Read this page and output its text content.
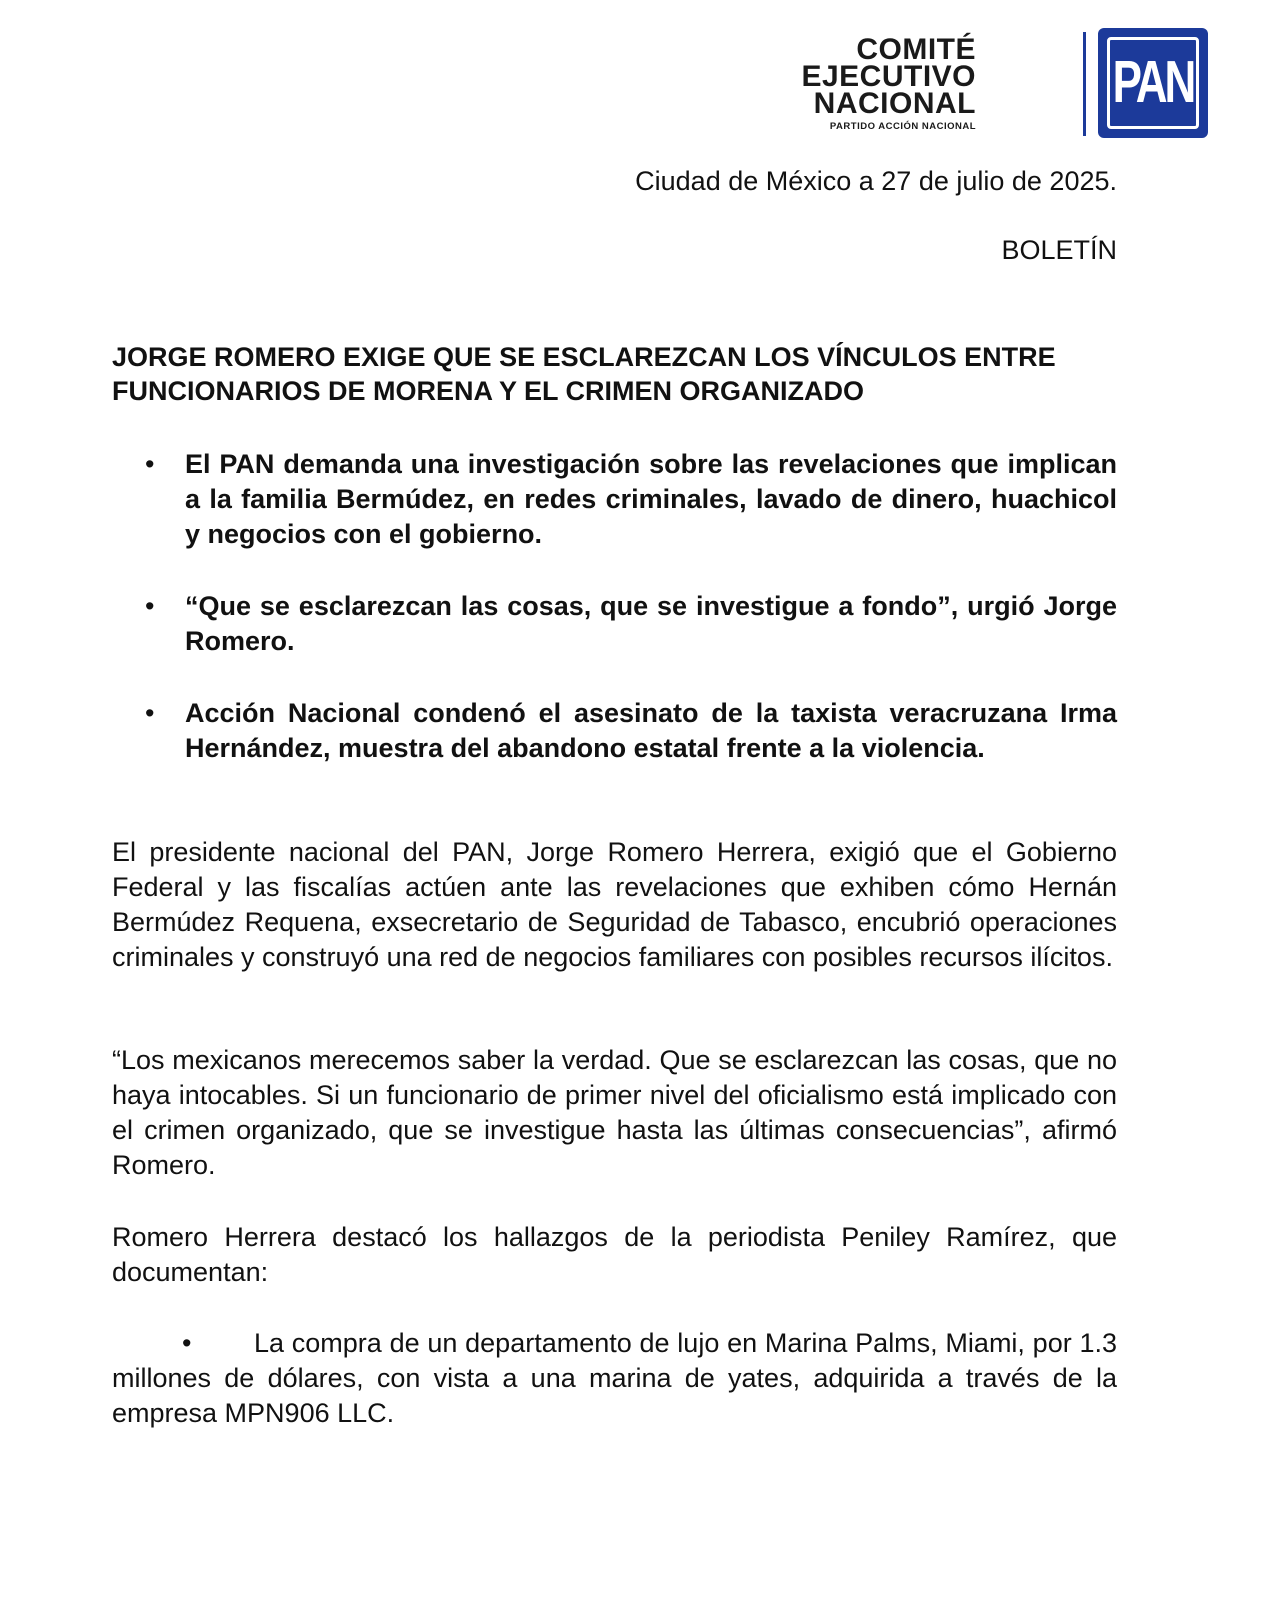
COMITÉ
EJECUTIVO
NACIONAL
PARTIDO ACCIÓN NACIONAL
PAN
Ciudad de México a 27 de julio de 2025.
BOLETÍN
JORGE ROMERO EXIGE QUE SE ESCLAREZCAN LOS VÍNCULOS ENTRE FUNCIONARIOS DE MORENA Y EL CRIMEN ORGANIZADO
• El PAN demanda una investigación sobre las revelaciones que implican a la familia Bermúdez, en redes criminales, lavado de dinero, huachicol y negocios con el gobierno.
• “Que se esclarezcan las cosas, que se investigue a fondo”, urgió Jorge Romero.
• Acción Nacional condenó el asesinato de la taxista veracruzana Irma Hernández, muestra del abandono estatal frente a la violencia.
El presidente nacional del PAN, Jorge Romero Herrera, exigió que el Gobierno Federal y las fiscalías actúen ante las revelaciones que exhiben cómo Hernán Bermúdez Requena, exsecretario de Seguridad de Tabasco, encubrió operaciones criminales y construyó una red de negocios familiares con posibles recursos ilícitos.
“Los mexicanos merecemos saber la verdad. Que se esclarezcan las cosas, que no haya intocables. Si un funcionario de primer nivel del oficialismo está implicado con el crimen organizado, que se investigue hasta las últimas consecuencias”, afirmó Romero.
Romero Herrera destacó los hallazgos de la periodista Peniley Ramírez, que documentan:
• La compra de un departamento de lujo en Marina Palms, Miami, por 1.3 millones de dólares, con vista a una marina de yates, adquirida a través de la empresa MPN906 LLC.
